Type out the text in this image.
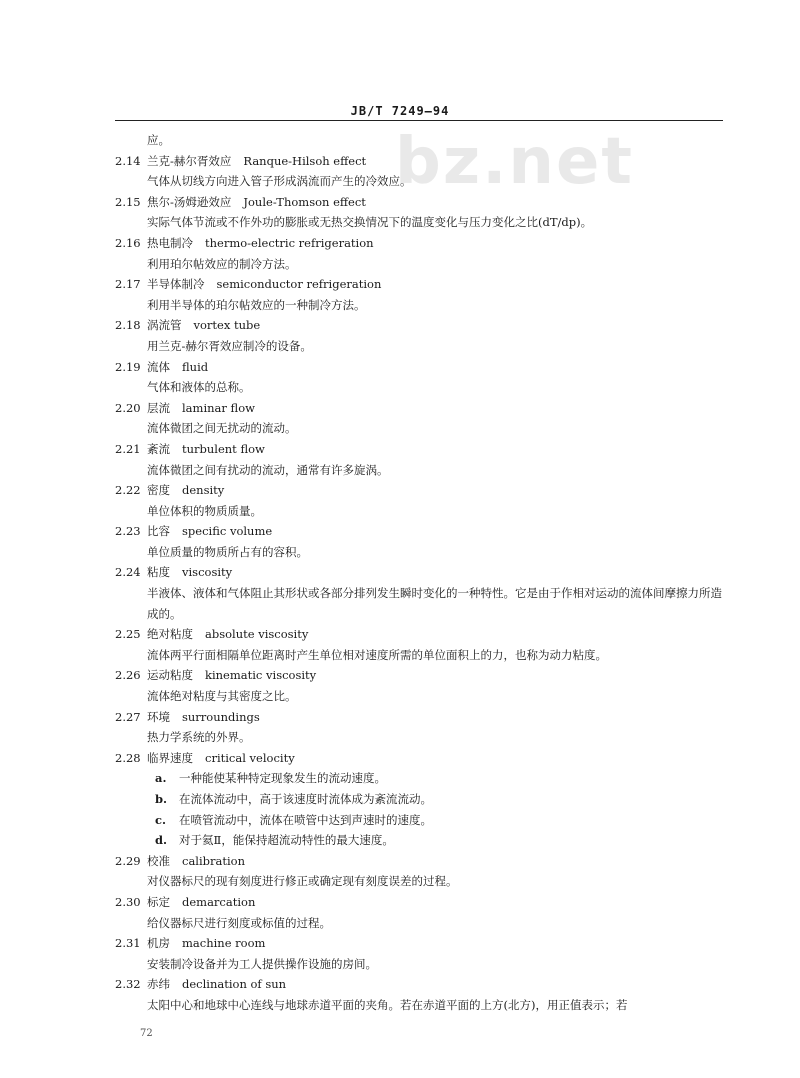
JB/T 7249—94
bz.net
应。
2.14 兰克-赫尔胥效应 Ranque-Hilsoh effect
气体从切线方向进入管子形成涡流而产生的冷效应。
2.15 焦尔-汤姆逊效应 Joule-Thomson effect
实际气体节流或不作外功的膨胀或无热交换情况下的温度变化与压力变化之比(dT/dp)。
2.16 热电制冷 thermo-electric refrigeration
利用珀尔帖效应的制冷方法。
2.17 半导体制冷 semiconductor refrigeration
利用半导体的珀尔帖效应的一种制冷方法。
2.18 涡流管 vortex tube
用兰克-赫尔胥效应制冷的设备。
2.19 流体 fluid
气体和液体的总称。
2.20 层流 laminar flow
流体微团之间无扰动的流动。
2.21 紊流 turbulent flow
流体微团之间有扰动的流动，通常有许多旋涡。
2.22 密度 density
单位体积的物质质量。
2.23 比容 specific volume
单位质量的物质所占有的容积。
2.24 粘度 viscosity
半液体、液体和气体阻止其形状或各部分排列发生瞬时变化的一种特性。它是由于作相对运动的流体间摩擦力所造成的。
2.25 绝对粘度 absolute viscosity
流体两平行面相隔单位距离时产生单位相对速度所需的单位面积上的力，也称为动力粘度。
2.26 运动粘度 kinematic viscosity
流体绝对粘度与其密度之比。
2.27 环境 surroundings
热力学系统的外界。
2.28 临界速度 critical velocity
a. 一种能使某种特定现象发生的流动速度。
b. 在流体流动中，高于该速度时流体成为紊流流动。
c. 在喷管流动中，流体在喷管中达到声速时的速度。
d. 对于氦Ⅱ，能保持超流动特性的最大速度。
2.29 校准 calibration
对仪器标尺的现有刻度进行修正或确定现有刻度误差的过程。
2.30 标定 demarcation
给仪器标尺进行刻度或标值的过程。
2.31 机房 machine room
安装制冷设备并为工人提供操作设施的房间。
2.32 赤纬 declination of sun
太阳中心和地球中心连线与地球赤道平面的夹角。若在赤道平面的上方(北方)，用正值表示；若
72
